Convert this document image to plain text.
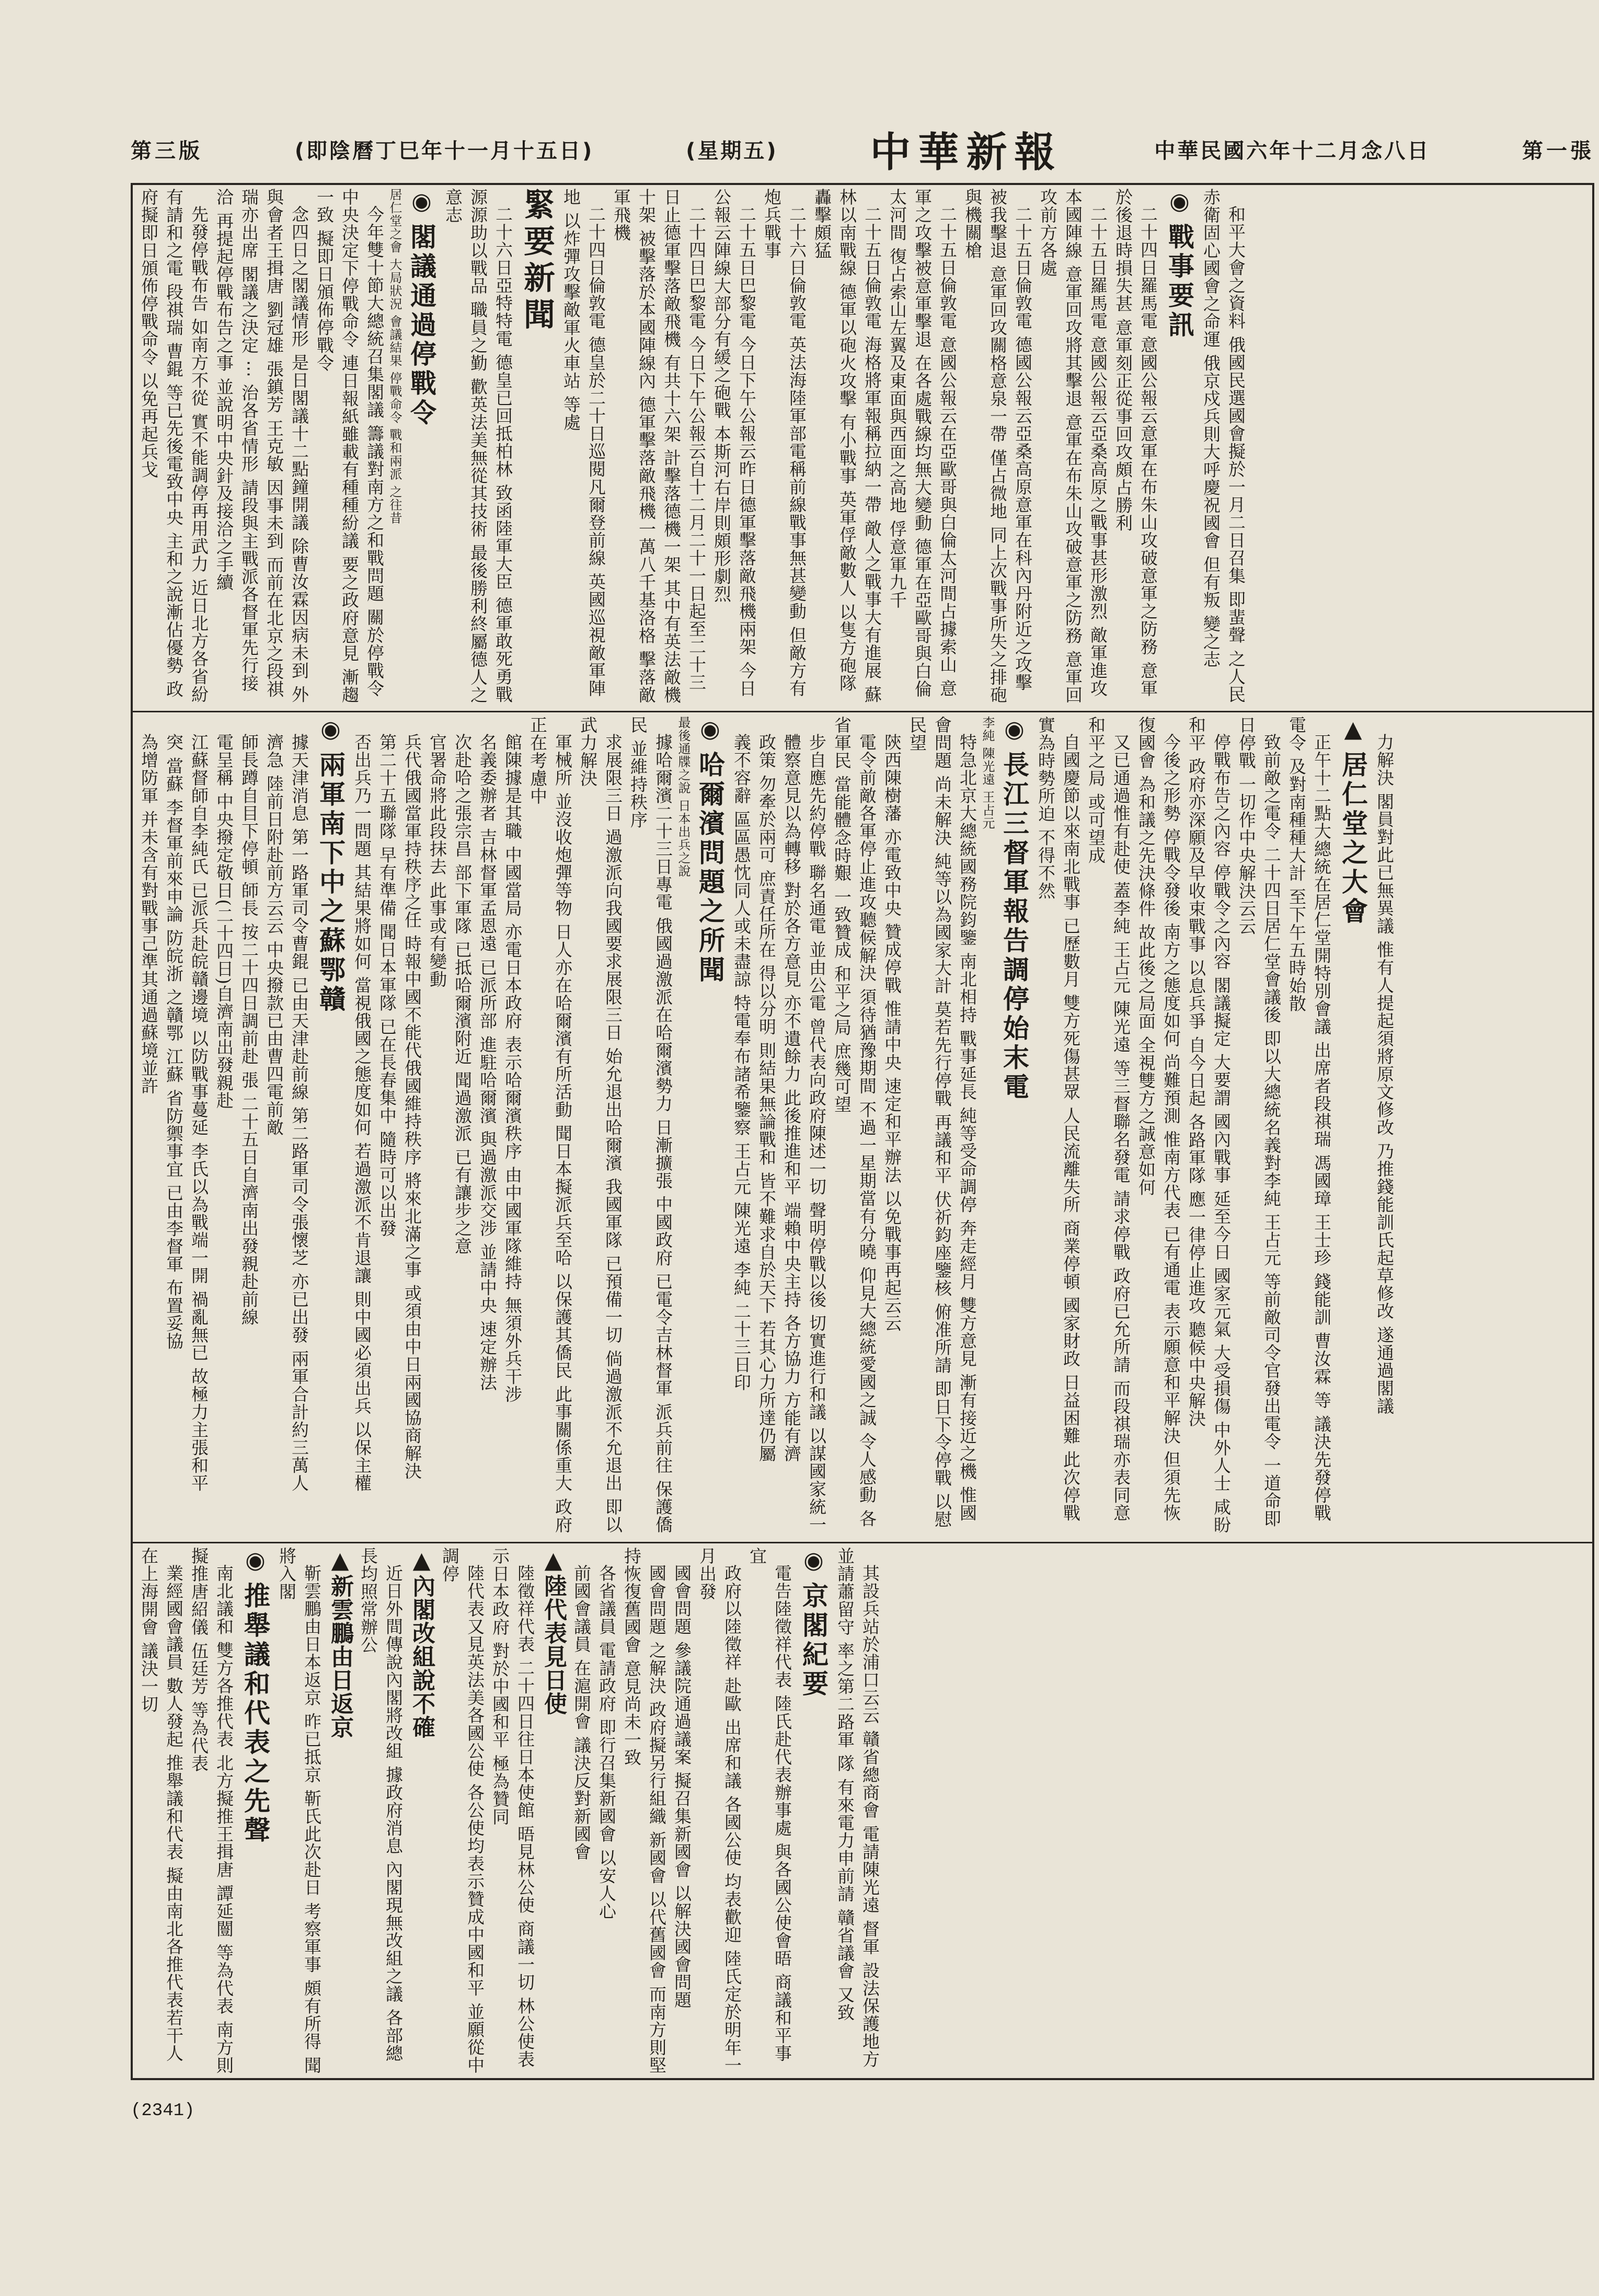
第三版	(即陰曆丁巳年十一月十五日)	(星期五) 中華新報	中華民國六年十二月念八日	第一張

和平大會之資料 俄國民選國會擬於一月二日召集 即蜚聲 之人民赤衛固心國會之命運 俄京戍兵則大呼慶祝國會 但有叛 變之志

◉戰事要訊

二十四日羅馬電 意國公報云意軍在布朱山攻破意軍之防務 意軍於後退時損失甚 意軍刻正從事回攻頗占勝利

二十五日羅馬電 意國公報云亞桑高原之戰事甚形激烈 敵軍進攻本國陣線 意軍回攻將其擊退 意軍在布朱山攻破意軍之防務 意軍回攻前方各處

二十五日倫敦電 德國公報云亞桑高原意軍在科內丹附近之攻擊 被我擊退 意軍回攻關格意泉一帶 僅占微地 同上次戰事所失之排砲與機關槍

二十五日倫敦電 意國公報云在亞歐哥與白倫太河間占據索山 意軍之攻擊被意軍擊退 在各處戰線均無大變動 德軍在亞歐哥與白倫太河間 復占索山左翼及東面與西面之高地 俘意軍九千

二十五日倫敦電 海格將軍報稱拉納一帶 敵人之戰事大有進展 蘇林以南戰線 德軍以砲火攻擊 有小戰事 英軍俘敵數人 以隻方砲隊轟擊頗猛

二十六日倫敦電 英法海陸軍部電稱前線戰事無甚變動 但敵方有炮兵戰事

二十五日巴黎電 今日下午公報云昨日德軍擊落敵飛機兩架 今日公報云陣線大部分有緩之砲戰 本斯河右岸則頗形劇烈

二十四日巴黎電 今日下午公報云自十二月二十一日起至二十三日止德軍擊落敵飛機 有共十六架 計擊落德機一架 其中有英法敵機十架 被擊落於本國陣線內 德軍擊落敵飛機一萬八千基洛格 擊落敵軍飛機

二十四日倫敦電 德皇於二十日巡閱凡爾登前線 英國巡視敵軍陣地 以炸彈攻擊敵軍火車站 等處

緊要新聞

二十六日亞特特電 德皇已回抵柏林 致函陸軍大臣 德軍敢死勇戰 源源助以戰品 職員之勤 歡英法美無從其技術 最後勝利終屬德人之意志

◉閣議通過停戰令
居仁堂之會 大局狀況 會議結果 停戰命令 戰和兩派 之往昔

今年雙十節大總統召集閣議 籌議對南方之和戰問題 關於停戰令 中央決定下停戰命令 連日報紙雖載有種種紛議 要之政府意見 漸趨一致 擬即日頒佈停戰令

念四日之閣議情形 是日閣議十二點鐘開議 除曹汝霖因病未到 外與會者王揖唐 劉冠雄 張鎮芳 王克敏 因事未到 而前在北京之段祺瑞亦出席 閣議之決定 ⋯ 治各省情形 請段與主戰派各督軍先行接洽 再提起停戰布告之事 並說明中央針及接洽之手續

先發停戰布告 如南方不從 實不能調停再用武力 近日北方各省紛有請和之電 段祺瑞 曹錕 等已先後電致中央 主和之說漸佔優勢 政府擬即日頒佈停戰命令 以免再起兵戈

力解決 閣員對此已無異議 惟有人提起須將原文修改 乃推錢能訓氏起草修改 遂通過閣議

▲居仁堂之大會

正午十二點大總統在居仁堂開特別會議 出席者段祺瑞 馮國璋 王士珍 錢能訓 曹汝霖 等 議決先發停戰電令 及對南種種大計 至下午五時始散

致前敵之電令 二十四日居仁堂會議後 即以大總統名義對李純 王占元 等前敵司令官發出電令 一道命即日停戰 一切作中央解決云云

停戰布告之內容 停戰令之內容 閣議擬定 大要謂 國內戰事 延至今日 國家元氣 大受損傷 中外人士 咸盼和平 政府亦深願及早收束戰事 以息兵爭 自今日起 各路軍隊 應一律停止進攻 聽候中央解決

今後之形勢 停戰令發後 南方之態度如何 尚難預測 惟南方代表 已有通電 表示願意和平解決 但須先恢復國會 為和議之先決條件 故此後之局面 全視雙方之誠意如何

又已通過惟有赴使 蓋李純 王占元 陳光遠 等三督聯名發電 請求停戰 政府已允所請 而段祺瑞亦表同意 和平之局 或可望成

自國慶節以來南北戰事 已歷數月 雙方死傷甚眾 人民流離失所 商業停頓 國家財政 日益困難 此次停戰 實為時勢所迫 不得不然

◉長江三督軍報告調停始末電
李純 陳光遠 王占元

特急北京大總統國務院鈞鑒 南北相持 戰事延長 純等受命調停 奔走經月 雙方意見 漸有接近之機 惟國會問題 尚未解決 純等以為國家大計 莫若先行停戰 再議和平 伏祈鈞座鑒核 俯准所請 即日下令停戰 以慰民望

陝西陳樹藩 亦電致中央 贊成停戰 惟請中央 速定和平辦法 以免戰事再起云云

電令前敵各軍停止進攻聽候解決 須待猶豫期間 不過一星期當有分曉 仰見大總統愛國之誠 令人感動 各省軍民 當能體念時艱 一致贊成 和平之局 庶幾可望

步自應先約停戰 聯名通電 並由公電 曾代表向政府陳述一切 聲明停戰以後 切實進行和議 以謀國家統一

體察意見以為轉移 對於各方意見 亦不遺餘力 此後推進和平 端賴中央主持 各方協力 方能有濟

政策 勿牽於兩可 庶責任所在 得以分明 則結果無論戰和 皆不難求自於天下 若其心力所達仍屬

義不容辭 區區愚忱同人或未盡諒 特電奉布諸希鑒察 王占元 陳光遠 李純 二十三日印

◉哈爾濱問題之所聞
最後通牒之說 日本出兵之說

據哈爾濱二十三日專電 俄國過激派在哈爾濱勢力 日漸擴張 中國政府 已電令吉林督軍 派兵前往 保護僑民 並維持秩序

求展限三日 過激派向我國要求展限三日 始允退出哈爾濱 我國軍隊 已預備一切 倘過激派不允退出 即以武力解決

軍械所 並沒收炮彈等物 日人亦在哈爾濱有所活動 聞日本擬派兵至哈 以保護其僑民 此事關係重大 政府正在考慮中

館陳據是其職 中國當局 亦電日本政府 表示哈爾濱秩序 由中國軍隊維持 無須外兵干涉

名義委辦者 吉林督軍孟恩遠 已派所部 進駐哈爾濱 與過激派交涉 並請中央 速定辦法

次赴哈之張宗昌 部下軍隊 已抵哈爾濱附近 聞過激派 已有讓步之意

官署命將此段抹去 此事或有變動

兵代俄國當軍持秩序之任 時報中國不能代俄國維持秩序 將來北滿之事 或須由中日兩國協商解決

第二十五聯隊 早有準備 聞日本軍隊 已在長春集中 隨時可以出發

否出兵乃一問題 其結果將如何 當視俄國之態度如何 若過激派不肯退讓 則中國必須出兵 以保主權

◉兩軍南下中之蘇鄂贛

據天津消息 第一路軍司令曹錕 已由天津赴前線 第二路軍司令張懷芝 亦已出發 兩軍合計約三萬人

濟急 陸前日附赴前方云云 中央撥款已由曹四電前敵

師長蹲自目下停頓 師長 按二十四日調前赴 張 二十五日自濟南出發親赴前線

電呈稱 中央撥定敬日(二十四日)自濟南出發親赴

江蘇督師自李純氏 已派兵赴皖贛邊境 以防戰事蔓延 李氏以為戰端一開 禍亂無已 故極力主張和平

突 當蘇 李督軍前來申論 防皖浙 之贛鄂 江蘇 省防禦事宜 已由李督軍 布置妥協

為增防軍 并未含有對戰事己準其通過蘇境並許

其設兵站於浦口云云 贛省總商會 電請陳光遠 督軍 設法保護地方 並請蕭留守 率之第二路軍 隊 有來電力申前請 贛省議會 又致

◉京閣紀要

電告陸徵祥代表 陸氏赴代表辦事處 與各國公使會晤 商議和平事宜

政府以陸徵祥 赴歐 出席和議 各國公使 均表歡迎 陸氏定於明年一月出發

國會問題 參議院通過議案 擬召集新國會 以解決國會問題

國會問題 之解決 政府擬另行組織 新國會 以代舊國會 而南方則堅持恢復舊國會 意見尚未一致

各省議員 電請政府 即行召集新國會 以安人心

前國會議員 在滬開會 議決反對新國會

▲陸代表見日使

陸徵祥代表 二十四日往日本使館 晤見林公使 商議一切 林公使表示日本政府 對於中國和平 極為贊同

陸代表又見英法美各國公使 各公使均表示贊成中國和平 並願從中調停

▲內閣改組說不確

近日外間傳說內閣將改組 據政府消息 內閣現無改組之議 各部總長均照常辦公

▲新雲鵬由日返京

靳雲鵬由日本返京 昨已抵京 靳氏此次赴日 考察軍事 頗有所得 聞將入閣

◉推舉議和代表之先聲

南北議和 雙方各推代表 北方擬推王揖唐 譚延闓 等為代表 南方則擬推唐紹儀 伍廷芳 等為代表

業經國會議員 數人發起 推舉議和代表 擬由南北各推代表若干人 在上海開會 議決一切

(2341)
